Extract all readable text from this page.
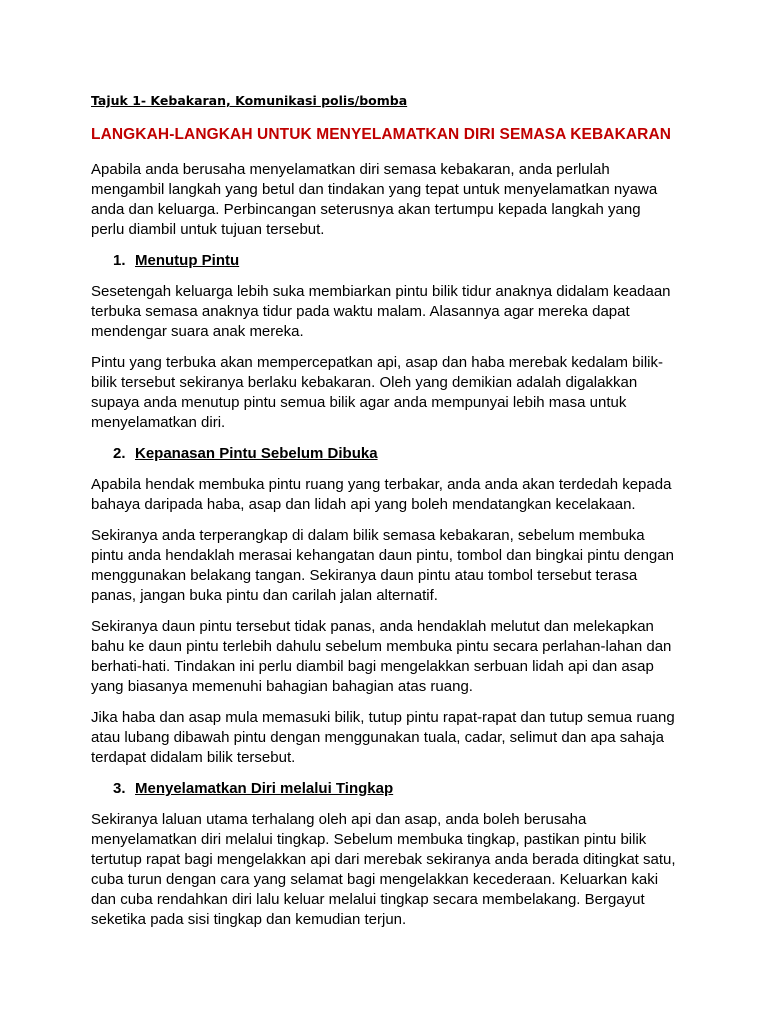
Tajuk 1- Kebakaran, Komunikasi polis/bomba
LANGKAH-LANGKAH UNTUK MENYELAMATKAN DIRI SEMASA KEBAKARAN
Apabila anda berusaha menyelamatkan diri semasa kebakaran, anda perlulah
mengambil langkah yang betul dan tindakan yang tepat untuk menyelamatkan nyawa
anda dan keluarga. Perbincangan seterusnya akan tertumpu kepada langkah yang
perlu diambil untuk tujuan tersebut.
1. Menutup Pintu
Sesetengah keluarga lebih suka membiarkan pintu bilik tidur anaknya didalam keadaan
terbuka semasa anaknya tidur pada waktu malam. Alasannya agar mereka dapat
mendengar suara anak mereka.
Pintu yang terbuka akan mempercepatkan api, asap dan haba merebak kedalam bilik-
bilik tersebut sekiranya berlaku kebakaran. Oleh yang demikian adalah digalakkan
supaya anda menutup pintu semua bilik agar anda mempunyai lebih masa untuk
menyelamatkan diri.
2. Kepanasan Pintu Sebelum Dibuka
Apabila hendak membuka pintu ruang yang terbakar, anda anda akan terdedah kepada
bahaya daripada haba, asap dan lidah api yang boleh mendatangkan kecelakaan.
Sekiranya anda terperangkap di dalam bilik semasa kebakaran, sebelum membuka
pintu anda hendaklah merasai kehangatan daun pintu, tombol dan bingkai pintu dengan
menggunakan belakang tangan. Sekiranya daun pintu atau tombol tersebut terasa
panas, jangan buka pintu dan carilah jalan alternatif.
Sekiranya daun pintu tersebut tidak panas, anda hendaklah melutut dan melekapkan
bahu ke daun pintu terlebih dahulu sebelum membuka pintu secara perlahan-lahan dan
berhati-hati. Tindakan ini perlu diambil bagi mengelakkan serbuan lidah api dan asap
yang biasanya memenuhi bahagian bahagian atas ruang.
Jika haba dan asap mula memasuki bilik, tutup pintu rapat-rapat dan tutup semua ruang
atau lubang dibawah pintu dengan menggunakan tuala, cadar, selimut dan apa sahaja
terdapat didalam bilik tersebut.
3. Menyelamatkan Diri melalui Tingkap
Sekiranya laluan utama terhalang oleh api dan asap, anda boleh berusaha
menyelamatkan diri melalui tingkap. Sebelum membuka tingkap, pastikan pintu bilik
tertutup rapat bagi mengelakkan api dari merebak sekiranya anda berada ditingkat satu,
cuba turun dengan cara yang selamat bagi mengelakkan kecederaan. Keluarkan kaki
dan cuba rendahkan diri lalu keluar melalui tingkap secara membelakang. Bergayut
seketika pada sisi tingkap dan kemudian terjun.
